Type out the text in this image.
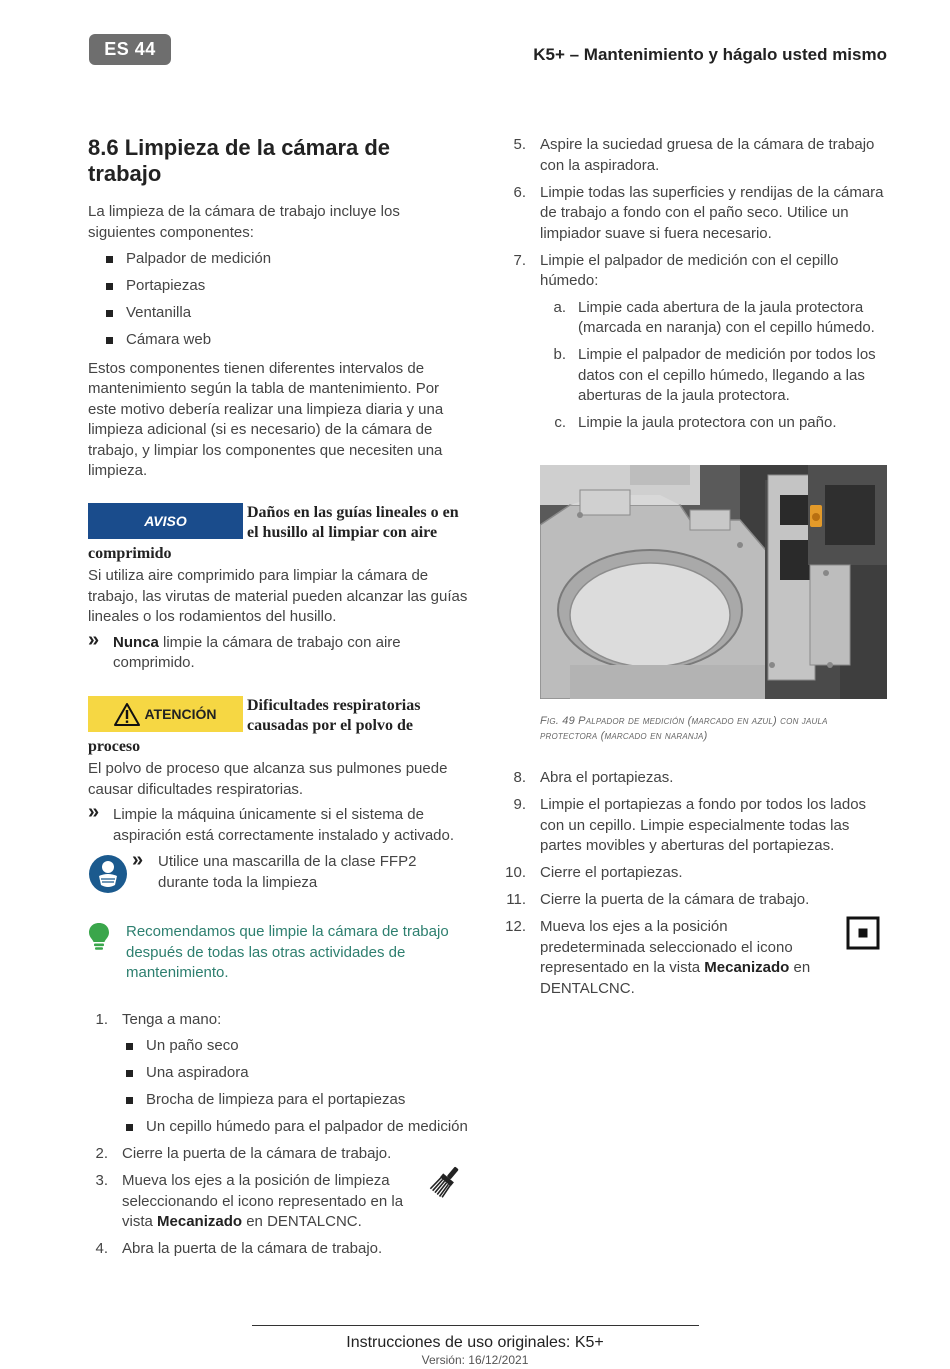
ES 44	K5+ – Mantenimiento y hágalo usted mismo
8.6 Limpieza de la cámara de trabajo

La limpieza de la cámara de trabajo incluye los siguientes componentes:

Palpador de medición
Portapiezas
Ventanilla
Cámara web

Estos componentes tienen diferentes intervalos de mantenimiento según la tabla de mantenimiento. Por este motivo debería realizar una limpieza diaria y una limpieza adicional (si es necesario) de la cámara de trabajo, y limpiar los componentes que necesiten una limpieza.

AVISO	Daños en las guías lineales o en el husillo al limpiar con aire comprimido

Si utiliza aire comprimido para limpiar la cámara de trabajo, las virutas de material pueden alcanzar las guías lineales o los rodamientos del husillo.

» Nunca limpie la cámara de trabajo con aire comprimido.
ATENCIÓN	Dificultades respiratorias causadas por el polvo de proceso

El polvo de proceso que alcanza sus pulmones puede causar dificultades respiratorias.

» Limpie la máquina únicamente si el sistema de aspiración está correctamente instalado y activado.
» Utilice una mascarilla de la clase FFP2 durante toda la limpieza

Recomendamos que limpie la cámara de trabajo después de todas las otras actividades de mantenimiento.

1. Tenga a mano:
Un paño seco
Una aspiradora
Brocha de limpieza para el portapiezas
Un cepillo húmedo para el palpador de medición
2. Cierre la puerta de la cámara de trabajo.
3. Mueva los ejes a la posición de limpieza seleccionando el icono representado en la vista Mecanizado en DENTALCNC.
4. Abra la puerta de la cámara de trabajo.
5. Aspire la suciedad gruesa de la cámara de trabajo con la aspiradora.
6. Limpie todas las superficies y rendijas de la cámara de trabajo a fondo con el paño seco. Utilice un limpiador suave si fuera necesario.
7. Limpie el palpador de medición con el cepillo húmedo:
a. Limpie cada abertura de la jaula protectora (marcada en naranja) con el cepillo húmedo.
b. Limpie el palpador de medición por todos los datos con el cepillo húmedo, llegando a las aberturas de la jaula protectora.
c. Limpie la jaula protectora con un paño.

Fig. 49 Palpador de medición (marcado en azul) con jaula protectora (marcado en naranja)

8. Abra el portapiezas.
9. Limpie el portapiezas a fondo por todos los lados con un cepillo. Limpie especialmente todas las partes movibles y aberturas del portapiezas.
10. Cierre el portapiezas.
11. Cierre la puerta de la cámara de trabajo.
12. Mueva los ejes a la posición predeterminada seleccionado el icono representado en la vista Mecanizado en DENTALCNC.
Instrucciones de uso originales: K5+
Versión: 16/12/2021
